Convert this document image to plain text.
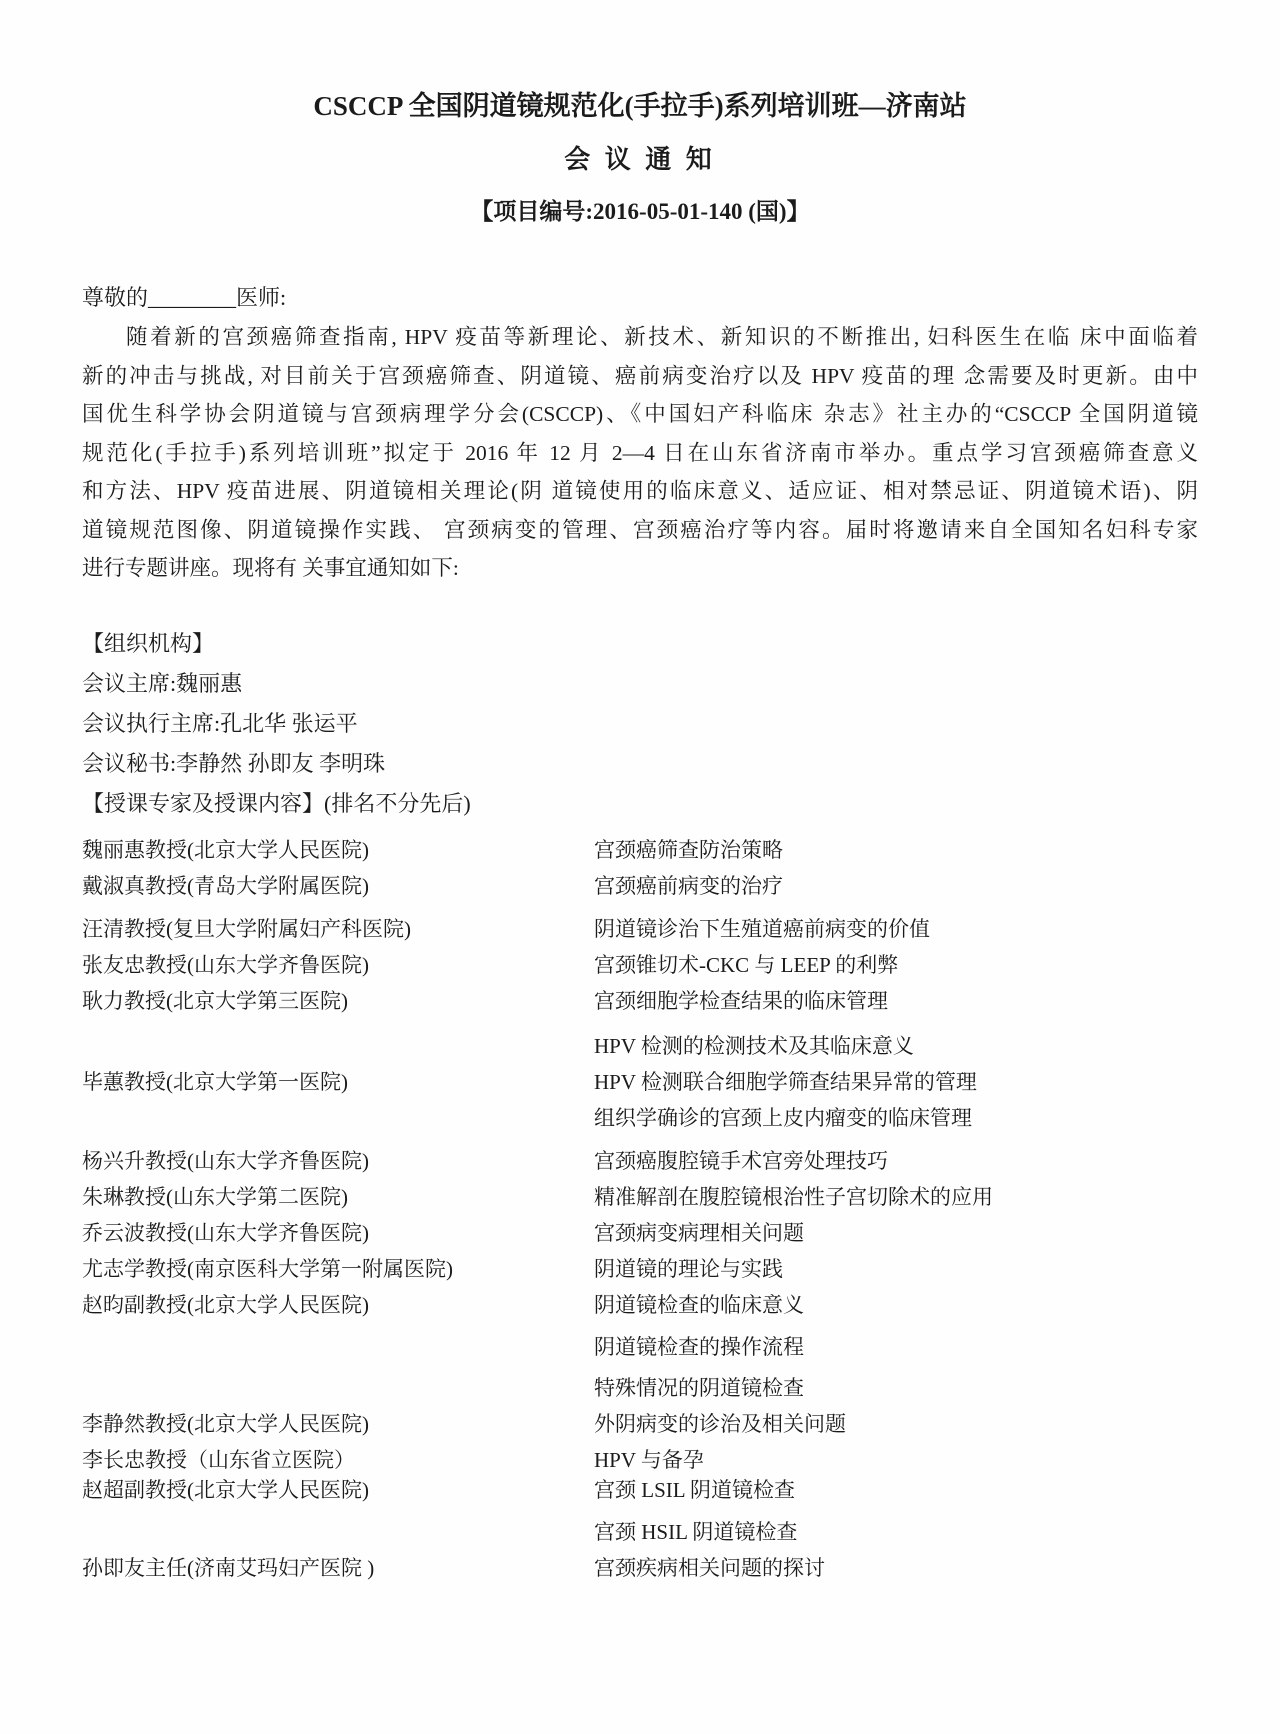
CSCCP 全国阴道镜规范化(手拉手)系列培训班—济南站
会 议 通 知
【项目编号:2016-05-01-140 (国)】
尊敬的________医师:
随着新的宫颈癌筛查指南, HPV 疫苗等新理论、新技术、新知识的不断推出, 妇科医生在临 床中面临着
新的冲击与挑战, 对目前关于宫颈癌筛查、阴道镜、癌前病变治疗以及 HPV 疫苗的理 念需要及时更新。由中
国优生科学协会阴道镜与宫颈病理学分会(CSCCP)、《中国妇产科临床 杂志》社主办的“CSCCP 全国阴道镜
规范化(手拉手)系列培训班”拟定于 2016 年 12 月 2—4 日在山东省济南市举办。重点学习宫颈癌筛查意义
和方法、HPV 疫苗进展、阴道镜相关理论(阴 道镜使用的临床意义、适应证、相对禁忌证、阴道镜术语)、阴
道镜规范图像、阴道镜操作实践、 宫颈病变的管理、宫颈癌治疗等内容。届时将邀请来自全国知名妇科专家
进行专题讲座。现将有 关事宜通知如下:
【组织机构】
会议主席:魏丽惠
会议执行主席:孔北华 张运平
会议秘书:李静然 孙即友 李明珠
【授课专家及授课内容】(排名不分先后)
魏丽惠教授(北京大学人民医院)	宫颈癌筛查防治策略
戴淑真教授(青岛大学附属医院)	宫颈癌前病变的治疗
汪清教授(复旦大学附属妇产科医院)	阴道镜诊治下生殖道癌前病变的价值
张友忠教授(山东大学齐鲁医院)	宫颈锥切术-CKC 与 LEEP 的利弊
耿力教授(北京大学第三医院)	宫颈细胞学检查结果的临床管理
HPV 检测的检测技术及其临床意义
毕蕙教授(北京大学第一医院)	HPV 检测联合细胞学筛查结果异常的管理
组织学确诊的宫颈上皮内瘤变的临床管理
杨兴升教授(山东大学齐鲁医院)	宫颈癌腹腔镜手术宫旁处理技巧
朱琳教授(山东大学第二医院)	精准解剖在腹腔镜根治性子宫切除术的应用
乔云波教授(山东大学齐鲁医院)	宫颈病变病理相关问题
尤志学教授(南京医科大学第一附属医院)	阴道镜的理论与实践
赵昀副教授(北京大学人民医院)	阴道镜检查的临床意义
阴道镜检查的操作流程
特殊情况的阴道镜检查
李静然教授(北京大学人民医院)	外阴病变的诊治及相关问题
李长忠教授（山东省立医院）	HPV 与备孕
赵超副教授(北京大学人民医院)	宫颈 LSIL 阴道镜检查
宫颈 HSIL 阴道镜检查
孙即友主任(济南艾玛妇产医院 )	宫颈疾病相关问题的探讨
